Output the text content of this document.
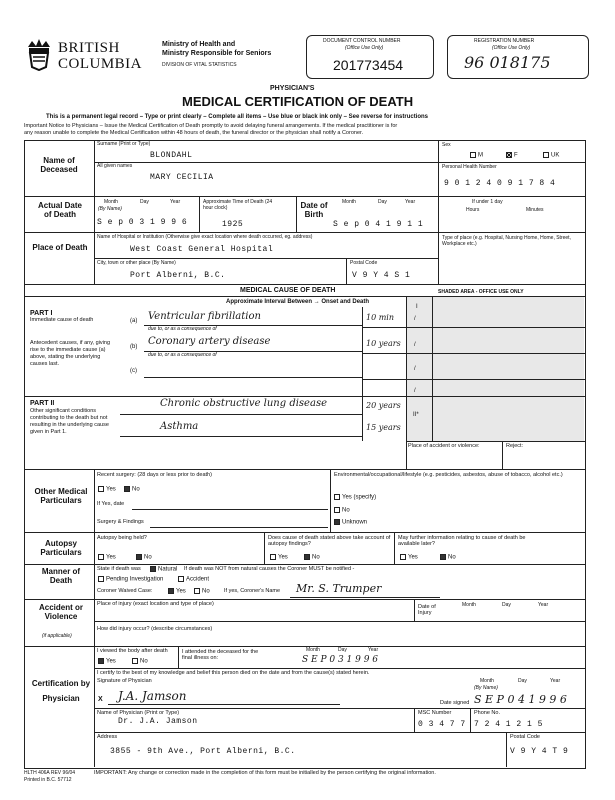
BRITISH
COLUMBIA
Ministry of Health and
Ministry Responsible for Seniors
DIVISION OF VITAL STATISTICS
DOCUMENT CONTROL NUMBER
(Office Use Only)
201773454
REGISTRATION NUMBER
(Office Use Only)
96 018175
PHYSICIAN'S
MEDICAL CERTIFICATION OF DEATH
This is a permanent legal record – Type or print clearly – Complete all items – Use blue or black ink only – See reverse for instructions
Important Notice to Physicians – Issue the Medical Certification of Death promptly to avoid delaying funeral arrangements. If the medical practitioner is for
any reason unable to complete the Medical Certification within 48 hours of death, the funeral director or the physician shall notify a Coroner.
Name of Deceased
Surname (Print or Type)
BLONDAHL
All given names
MARY CECILIA
Sex
M	F	UK
Personal Health Number
9 0 1 2 4 0 9 1 7 8 4
Actual Date of Death
Month	Day	Year
(By Name)
S e p 0 3 1 9 9 6
Approximate Time of Death (24 hour clock)
1925
Date of Birth
Month	Day	Year
S e p 0 4 1 9 1 1
If under 1 day
Hours	Minutes
Place of Death
Name of Hospital or Institution (Otherwise give exact location where death occurred, eg. address)
West Coast General Hospital
City, town or other place (By Name)
Port Alberni, B.C.
Postal Code
V 9 Y 4 S 1
Type of place (e.g. Hospital, Nursing Home, Home, Street, Workplace etc.)
MEDICAL CAUSE OF DEATH	SHADED AREA - OFFICE USE ONLY
Approximate Interval Between → Onset and Death
PART I
Immediate cause of death	(a) Ventricular fibrillation	10 min
due to, or as a consequence of
/
Antecedent causes, if any, giving rise to the immediate cause (a) above, stating the underlying causes last.
(b) Coronary artery disease	10 years
due to, or as a consequence of
/
(c)	/
/
PART II
Other significant conditions contributing to the death but not resulting in the underlying cause given in Part 1.
Chronic obstructive lung disease	20 years
II*
Asthma	15 years
I
Place of accident or violence:	Reject:
Other Medical Particulars
Recent surgery: (28 days or less prior to death)
Yes	No
If Yes, date
Surgery & Findings
Environmental/occupational/lifestyle (e.g. pesticides, asbestos, abuse of tobacco, alcohol etc.)
Yes (specify)
No
Unknown
Autopsy Particulars
Autopsy being held?
Yes	No
Does cause of death stated above take account of autopsy findings?
Yes	No
May further information relating to cause of death be available later?
Yes	No
Manner of Death
State if death was	Natural If death was NOT from natural causes the Coroner MUST be notified -
Pending Investigation	Accident
Coroner Waived Case:	Yes	No	If yes, Coroner's Name Mr. S. Trumper
Accident or Violence
(if applicable)
Place of injury (exact location and type of place)	Date of Injury
Month	Day	Year
How did injury occur? (describe circumstances)
Certification by Physician
I viewed the body after death
Yes	No
I attended the deceased for the final illness on:
Month	Day	Year
S E P 0 3 1 9 9 6
I certify to the best of my knowledge and belief this person died on the date and from the cause(s) stated herein.
Signature of Physician
X J.A. Jamson
Month	Day	Year
(By Name)
Date signed S E P 0 4 1 9 9 6
Name of Physician (Print or Type)
Dr. J.A. Jamson
MSC Number
0 3 4 7 7
Phone No.
7 2 4 1 2 1 5
Address
3855 - 9th Ave., Port Alberni, B.C.
Postal Code
V 9 Y 4 T 9
HLTH 406A REV 96/04
Printed in B.C. 57712
IMPORTANT: Any change or correction made in the completion of this form must be initialled by the person certifying the original information.
